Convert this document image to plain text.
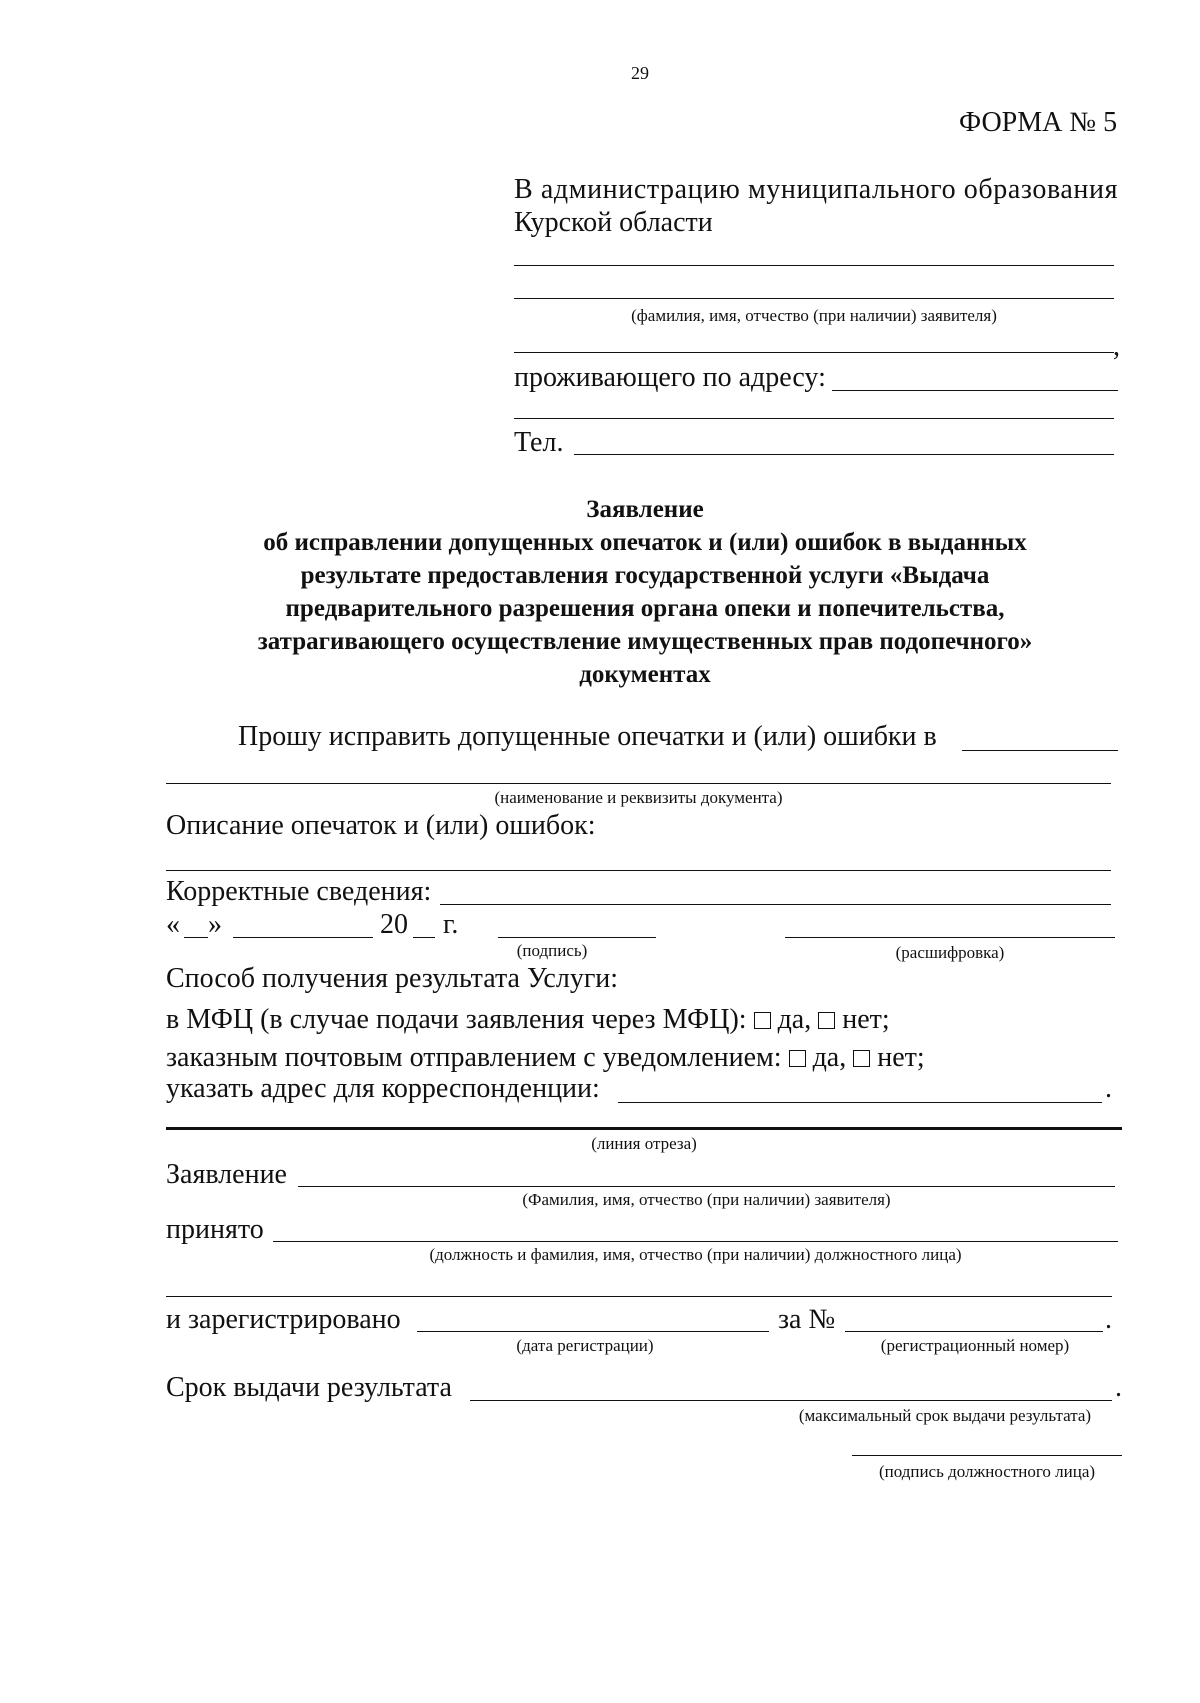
29
ФОРМА № 5
В администрацию муниципального образования
Курской области
(фамилия, имя, отчество (при наличии) заявителя)
,
проживающего по адресу:
Тел.
Заявление
об исправлении допущенных опечаток и (или) ошибок в выданных
результате предоставления государственной услуги «Выдача
предварительного разрешения органа опеки и попечительства,
затрагивающего осуществление имущественных прав подопечного»
документах
Прошу исправить допущенные опечатки и (или) ошибки в
(наименование и реквизиты документа)
Описание опечаток и (или) ошибок:
Корректные сведения:
« »	20 г.
(подпись)	(расшифровка)
Способ получения результата Услуги:
в МФЦ (в случае подачи заявления через МФЦ): да, нет;
заказным почтовым отправлением с уведомлением: да, нет;
указать адрес для корреспонденции:	.
(линия отреза)
Заявление
(Фамилия, имя, отчество (при наличии) заявителя)
принято
(должность и фамилия, имя, отчество (при наличии) должностного лица)
и зарегистрировано	за №	.
(дата регистрации)	(регистрационный номер)
Срок выдачи результата	.
(максимальный срок выдачи результата)
(подпись должностного лица)
